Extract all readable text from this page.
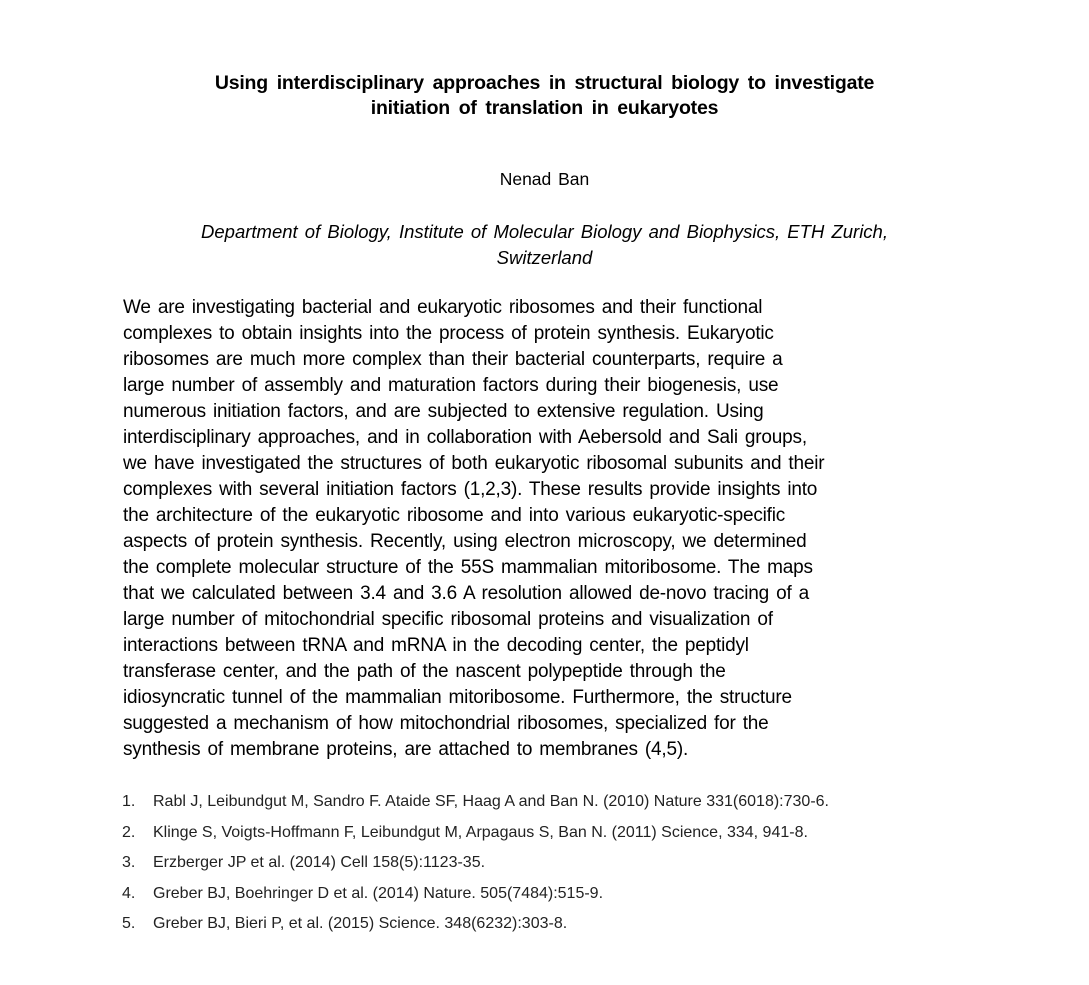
Using interdisciplinary approaches in structural biology to investigate
initiation of translation in eukaryotes
Nenad Ban
Department of Biology, Institute of Molecular Biology and Biophysics, ETH Zurich,
Switzerland
We are investigating bacterial and eukaryotic ribosomes and their functional
complexes to obtain insights into the process of protein synthesis. Eukaryotic
ribosomes are much more complex than their bacterial counterparts, require a
large number of assembly and maturation factors during their biogenesis, use
numerous initiation factors, and are subjected to extensive regulation. Using
interdisciplinary approaches, and in collaboration with Aebersold and Sali groups,
we have investigated the structures of both eukaryotic ribosomal subunits and their
complexes with several initiation factors (1,2,3). These results provide insights into
the architecture of the eukaryotic ribosome and into various eukaryotic-specific
aspects of protein synthesis. Recently, using electron microscopy, we determined
the complete molecular structure of the 55S mammalian mitoribosome. The maps
that we calculated between 3.4 and 3.6 A resolution allowed de-novo tracing of a
large number of mitochondrial specific ribosomal proteins and visualization of
interactions between tRNA and mRNA in the decoding center, the peptidyl
transferase center, and the path of the nascent polypeptide through the
idiosyncratic tunnel of the mammalian mitoribosome. Furthermore, the structure
suggested a mechanism of how mitochondrial ribosomes, specialized for the
synthesis of membrane proteins, are attached to membranes (4,5).
1.	Rabl J, Leibundgut M, Sandro F. Ataide SF, Haag A and Ban N. (2010) Nature 331(6018):730-6.
2.	Klinge S, Voigts-Hoffmann F, Leibundgut M, Arpagaus S, Ban N. (2011) Science, 334, 941-8.
3.	Erzberger JP et al. (2014) Cell 158(5):1123-35.
4.	Greber BJ, Boehringer D et al. (2014) Nature. 505(7484):515-9.
5.	Greber BJ, Bieri P, et al. (2015) Science. 348(6232):303-8.
